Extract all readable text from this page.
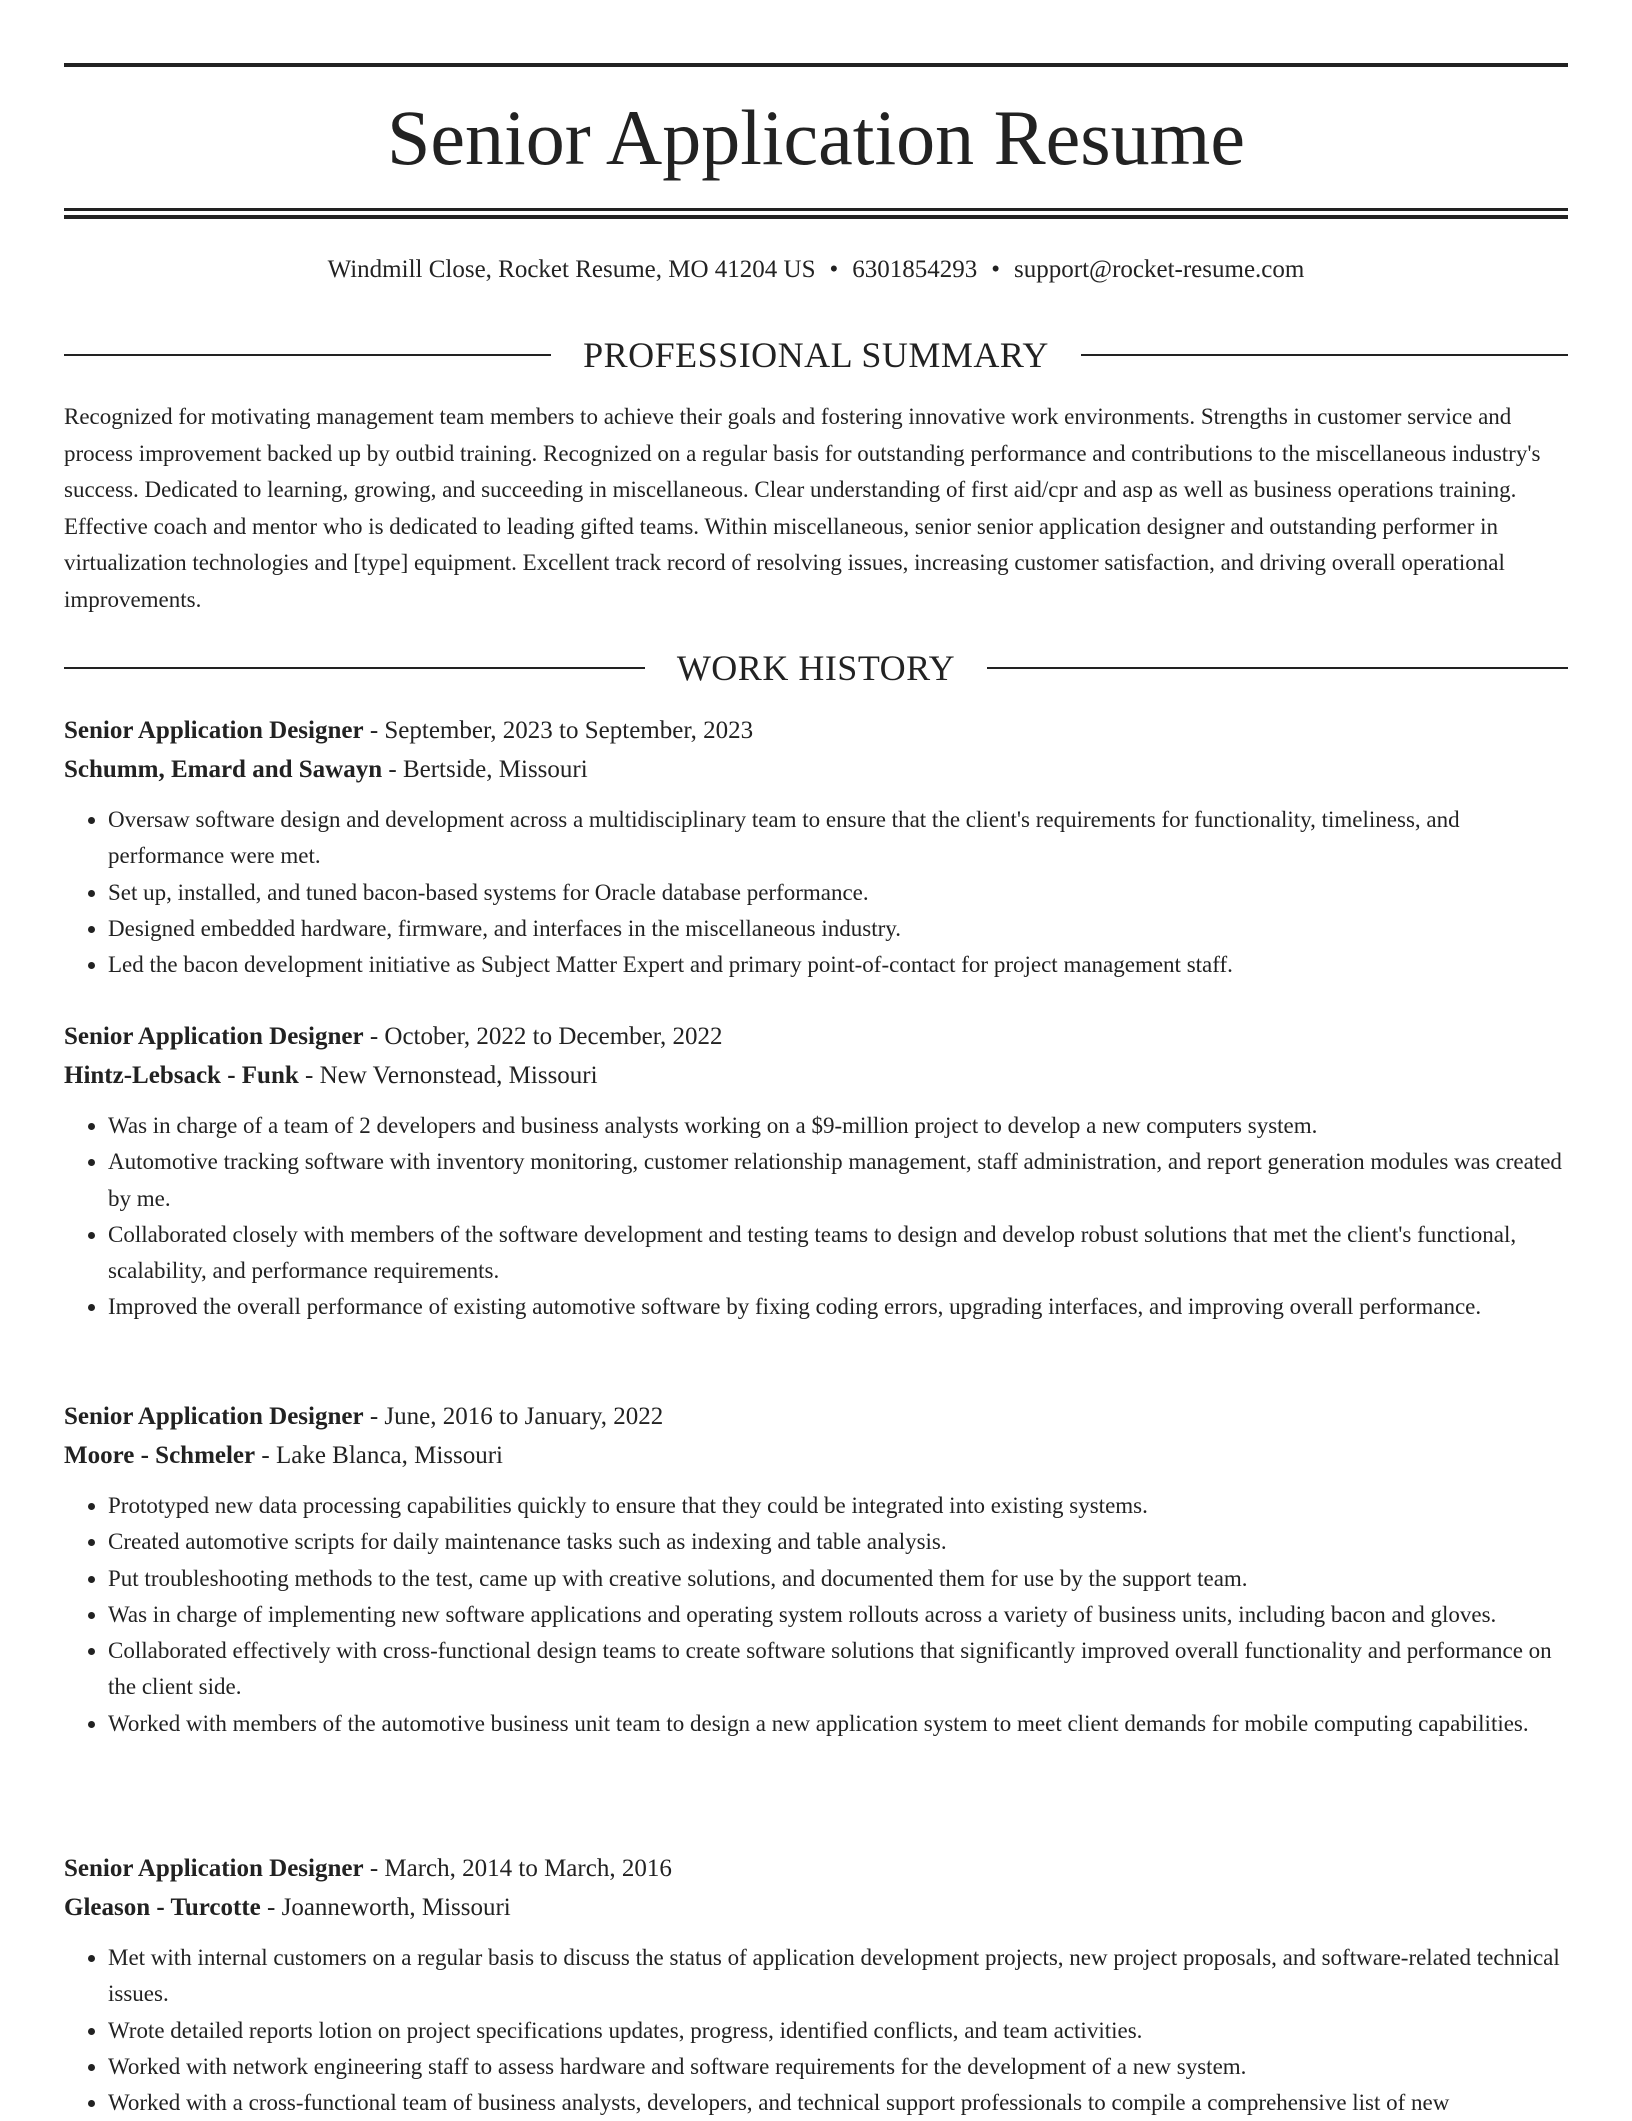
Senior Application Resume
Windmill Close, Rocket Resume, MO 41204 US • 6301854293 • support@rocket-resume.com
PROFESSIONAL SUMMARY

Recognized for motivating management team members to achieve their goals and fostering innovative work environments. Strengths in customer service and process improvement backed up by outbid training. Recognized on a regular basis for outstanding performance and contributions to the miscellaneous industry's success. Dedicated to learning, growing, and succeeding in miscellaneous. Clear understanding of first aid/cpr and asp as well as business operations training. Effective coach and mentor who is dedicated to leading gifted teams. Within miscellaneous, senior senior application designer and outstanding performer in virtualization technologies and [type] equipment. Excellent track record of resolving issues, increasing customer satisfaction, and driving overall operational improvements.

WORK HISTORY
Senior Application Designer - September, 2023 to September, 2023
Schumm, Emard and Sawayn - Bertside, Missouri
• Oversaw software design and development across a multidisciplinary team to ensure that the client's requirements for functionality, timeliness, and performance were met.
• Set up, installed, and tuned bacon-based systems for Oracle database performance.
• Designed embedded hardware, firmware, and interfaces in the miscellaneous industry.
• Led the bacon development initiative as Subject Matter Expert and primary point-of-contact for project management staff.
Senior Application Designer - October, 2022 to December, 2022
Hintz-Lebsack - Funk - New Vernonstead, Missouri
• Was in charge of a team of 2 developers and business analysts working on a $9-million project to develop a new computers system.
• Automotive tracking software with inventory monitoring, customer relationship management, staff administration, and report generation modules was created by me.
• Collaborated closely with members of the software development and testing teams to design and develop robust solutions that met the client's functional, scalability, and performance requirements.
• Improved the overall performance of existing automotive software by fixing coding errors, upgrading interfaces, and improving overall performance.
Senior Application Designer - June, 2016 to January, 2022
Moore - Schmeler - Lake Blanca, Missouri
• Prototyped new data processing capabilities quickly to ensure that they could be integrated into existing systems.
• Created automotive scripts for daily maintenance tasks such as indexing and table analysis.
• Put troubleshooting methods to the test, came up with creative solutions, and documented them for use by the support team.
• Was in charge of implementing new software applications and operating system rollouts across a variety of business units, including bacon and gloves.
• Collaborated effectively with cross-functional design teams to create software solutions that significantly improved overall functionality and performance on the client side.
• Worked with members of the automotive business unit team to design a new application system to meet client demands for mobile computing capabilities.
Senior Application Designer - March, 2014 to March, 2016
Gleason - Turcotte - Joanneworth, Missouri
• Met with internal customers on a regular basis to discuss the status of application development projects, new project proposals, and software-related technical issues.
• Wrote detailed reports lotion on project specifications updates, progress, identified conflicts, and team activities.
• Worked with network engineering staff to assess hardware and software requirements for the development of a new system.
• Worked with a cross-functional team of business analysts, developers, and technical support professionals to compile a comprehensive list of new
